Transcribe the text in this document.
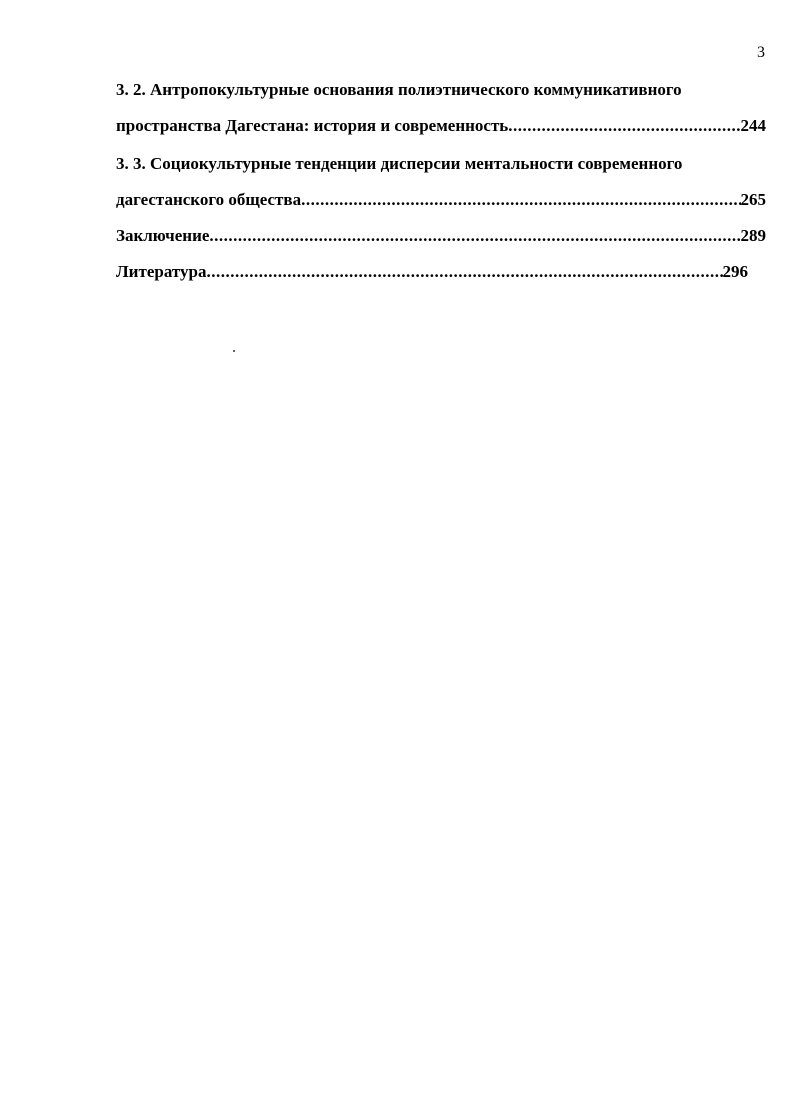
3
3. 2. Антропокультурные основания полиэтнического коммуникативного
пространства Дагестана: история и современность .....	244
3. 3. Социокультурные тенденции дисперсии ментальности современного
дагестанского общества .....	265
Заключение .....	289
Литература .....	296
